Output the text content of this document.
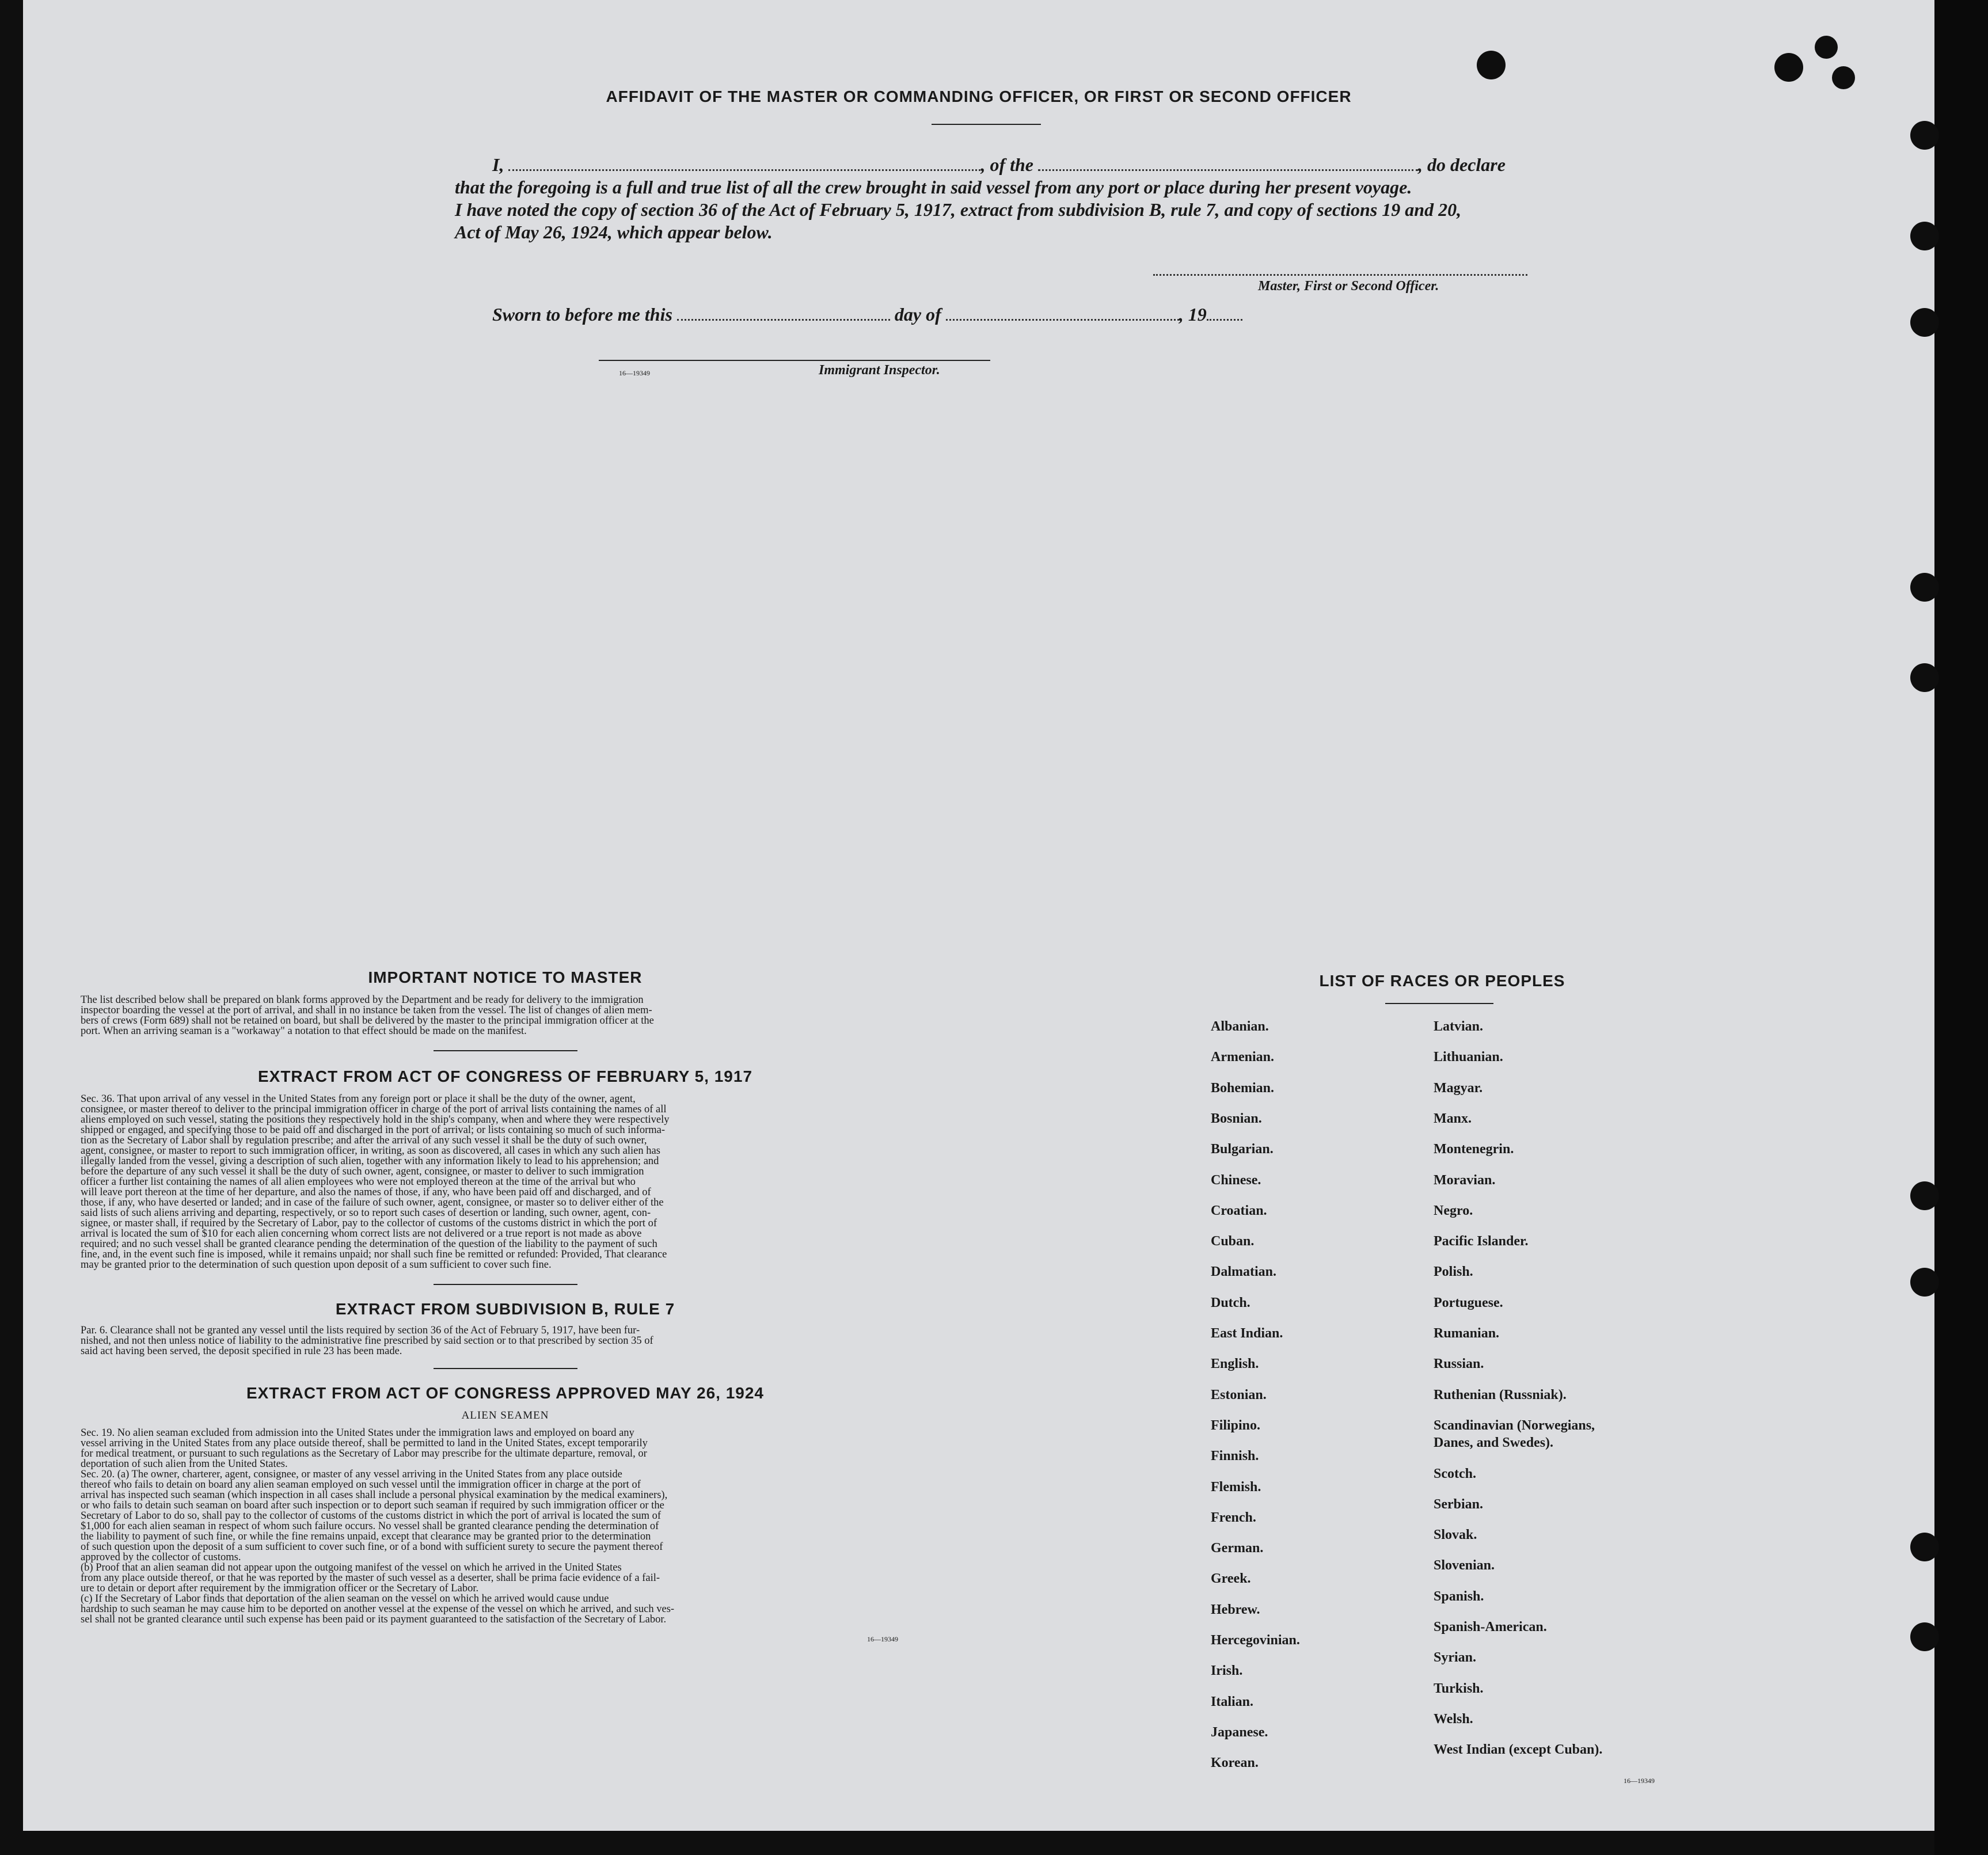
AFFIDAVIT OF THE MASTER OR COMMANDING OFFICER, OR FIRST OR SECOND OFFICER
I,	, of the	, do declare
that the foregoing is a full and true list of all the crew brought in said vessel from any port or place during her present voyage.
I have noted the copy of section 36 of the Act of February 5, 1917, extract from subdivision B, rule 7, and copy of sections 19 and 20,
Act of May 26, 1924, which appear below.
Master, First or Second Officer.
Sworn to before me this	day of	, 19
16—19349	Immigrant Inspector.
IMPORTANT NOTICE TO MASTER
The list described below shall be prepared on blank forms approved by the Department and be ready for delivery to the immigration
inspector boarding the vessel at the port of arrival, and shall in no instance be taken from the vessel. The list of changes of alien mem-
bers of crews (Form 689) shall not be retained on board, but shall be delivered by the master to the principal immigration officer at the
port. When an arriving seaman is a "workaway" a notation to that effect should be made on the manifest.
EXTRACT FROM ACT OF CONGRESS OF FEBRUARY 5, 1917
Sec. 36. That upon arrival of any vessel in the United States from any foreign port or place it shall be the duty of the owner, agent,
consignee, or master thereof to deliver to the principal immigration officer in charge of the port of arrival lists containing the names of all
aliens employed on such vessel, stating the positions they respectively hold in the ship's company, when and where they were respectively
shipped or engaged, and specifying those to be paid off and discharged in the port of arrival; or lists containing so much of such informa-
tion as the Secretary of Labor shall by regulation prescribe; and after the arrival of any such vessel it shall be the duty of such owner,
agent, consignee, or master to report to such immigration officer, in writing, as soon as discovered, all cases in which any such alien has
illegally landed from the vessel, giving a description of such alien, together with any information likely to lead to his apprehension; and
before the departure of any such vessel it shall be the duty of such owner, agent, consignee, or master to deliver to such immigration
officer a further list containing the names of all alien employees who were not employed thereon at the time of the arrival but who
will leave port thereon at the time of her departure, and also the names of those, if any, who have been paid off and discharged, and of
those, if any, who have deserted or landed; and in case of the failure of such owner, agent, consignee, or master so to deliver either of the
said lists of such aliens arriving and departing, respectively, or so to report such cases of desertion or landing, such owner, agent, con-
signee, or master shall, if required by the Secretary of Labor, pay to the collector of customs of the customs district in which the port of
arrival is located the sum of $10 for each alien concerning whom correct lists are not delivered or a true report is not made as above
required; and no such vessel shall be granted clearance pending the determination of the question of the liability to the payment of such
fine, and, in the event such fine is imposed, while it remains unpaid; nor shall such fine be remitted or refunded: Provided, That clearance
may be granted prior to the determination of such question upon deposit of a sum sufficient to cover such fine.
EXTRACT FROM SUBDIVISION B, RULE 7
Par. 6. Clearance shall not be granted any vessel until the lists required by section 36 of the Act of February 5, 1917, have been fur-
nished, and not then unless notice of liability to the administrative fine prescribed by said section or to that prescribed by section 35 of
said act having been served, the deposit specified in rule 23 has been made.
EXTRACT FROM ACT OF CONGRESS APPROVED MAY 26, 1924
ALIEN SEAMEN
Sec. 19. No alien seaman excluded from admission into the United States under the immigration laws and employed on board any
vessel arriving in the United States from any place outside thereof, shall be permitted to land in the United States, except temporarily
for medical treatment, or pursuant to such regulations as the Secretary of Labor may prescribe for the ultimate departure, removal, or
deportation of such alien from the United States.
Sec. 20. (a) The owner, charterer, agent, consignee, or master of any vessel arriving in the United States from any place outside
thereof who fails to detain on board any alien seaman employed on such vessel until the immigration officer in charge at the port of
arrival has inspected such seaman (which inspection in all cases shall include a personal physical examination by the medical examiners),
or who fails to detain such seaman on board after such inspection or to deport such seaman if required by such immigration officer or the
Secretary of Labor to do so, shall pay to the collector of customs of the customs district in which the port of arrival is located the sum of
$1,000 for each alien seaman in respect of whom such failure occurs. No vessel shall be granted clearance pending the determination of
the liability to payment of such fine, or while the fine remains unpaid, except that clearance may be granted prior to the determination
of such question upon the deposit of a sum sufficient to cover such fine, or of a bond with sufficient surety to secure the payment thereof
approved by the collector of customs.
(b) Proof that an alien seaman did not appear upon the outgoing manifest of the vessel on which he arrived in the United States
from any place outside thereof, or that he was reported by the master of such vessel as a deserter, shall be prima facie evidence of a fail-
ure to detain or deport after requirement by the immigration officer or the Secretary of Labor.
(c) If the Secretary of Labor finds that deportation of the alien seaman on the vessel on which he arrived would cause undue
hardship to such seaman he may cause him to be deported on another vessel at the expense of the vessel on which he arrived, and such ves-
sel shall not be granted clearance until such expense has been paid or its payment guaranteed to the satisfaction of the Secretary of Labor.
16—19349
LIST OF RACES OR PEOPLES
Albanian.
Armenian.
Bohemian.
Bosnian.
Bulgarian.
Chinese.
Croatian.
Cuban.
Dalmatian.
Dutch.
East Indian.
English.
Estonian.
Filipino.
Finnish.
Flemish.
French.
German.
Greek.
Hebrew.
Hercegovinian.
Irish.
Italian.
Japanese.
Korean.
Latvian.
Lithuanian.
Magyar.
Manx.
Montenegrin.
Moravian.
Negro.
Pacific Islander.
Polish.
Portuguese.
Rumanian.
Russian.
Ruthenian (Russniak).
Scandinavian (Norwegians,
Danes, and Swedes).
Scotch.
Serbian.
Slovak.
Slovenian.
Spanish.
Spanish-American.
Syrian.
Turkish.
Welsh.
West Indian (except Cuban).
16—19349
